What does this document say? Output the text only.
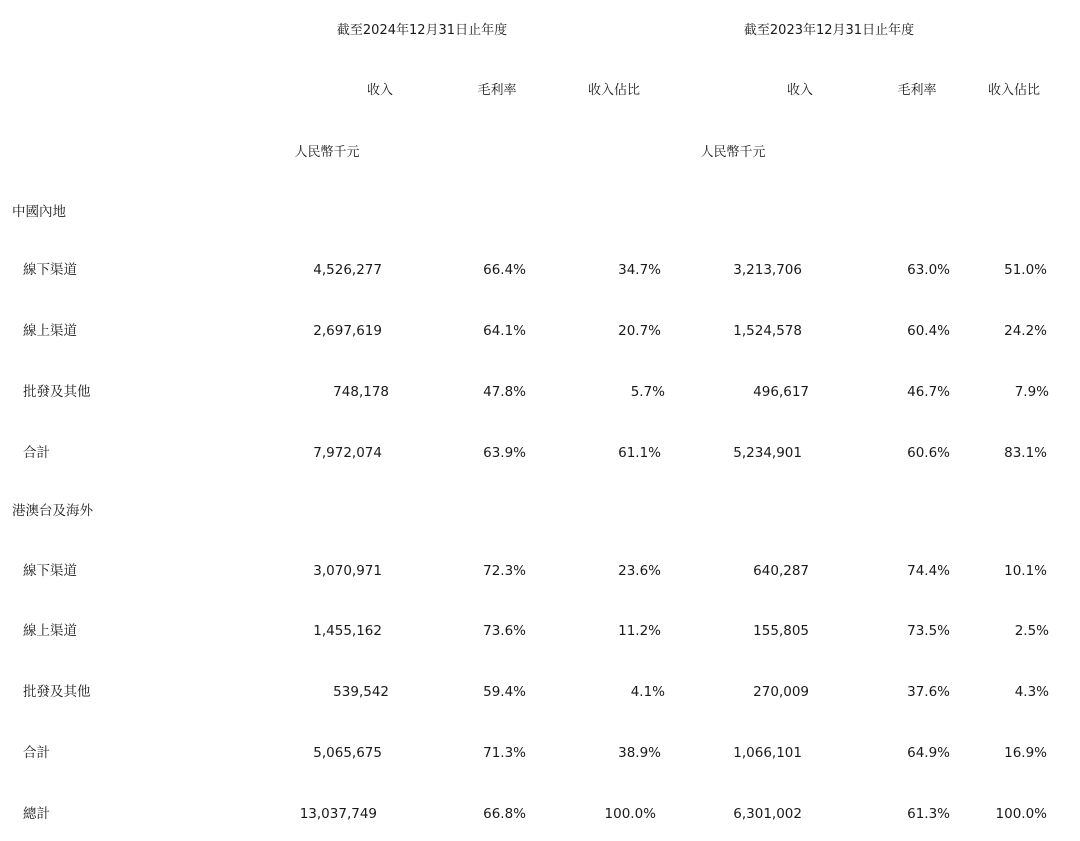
截至2024年12月31日止年度	截至2023年12月31日止年度
收入	毛利率	收入佔比	收入	毛利率	收入佔比
人民幣千元	人民幣千元
中國內地
線下渠道	4,526,277	66.4%	34.7%	3,213,706	63.0%	51.0%
線上渠道	2,697,619	64.1%	20.7%	1,524,578	60.4%	24.2%
批發及其他	748,178	47.8%	5.7%	496,617	46.7%	7.9%
合計	7,972,074	63.9%	61.1%	5,234,901	60.6%	83.1%
港澳台及海外
線下渠道	3,070,971	72.3%	23.6%	640,287	74.4%	10.1%
線上渠道	1,455,162	73.6%	11.2%	155,805	73.5%	2.5%
批發及其他	539,542	59.4%	4.1%	270,009	37.6%	4.3%
合計	5,065,675	71.3%	38.9%	1,066,101	64.9%	16.9%
總計	13,037,749	66.8%	100.0%	6,301,002	61.3%	100.0%
